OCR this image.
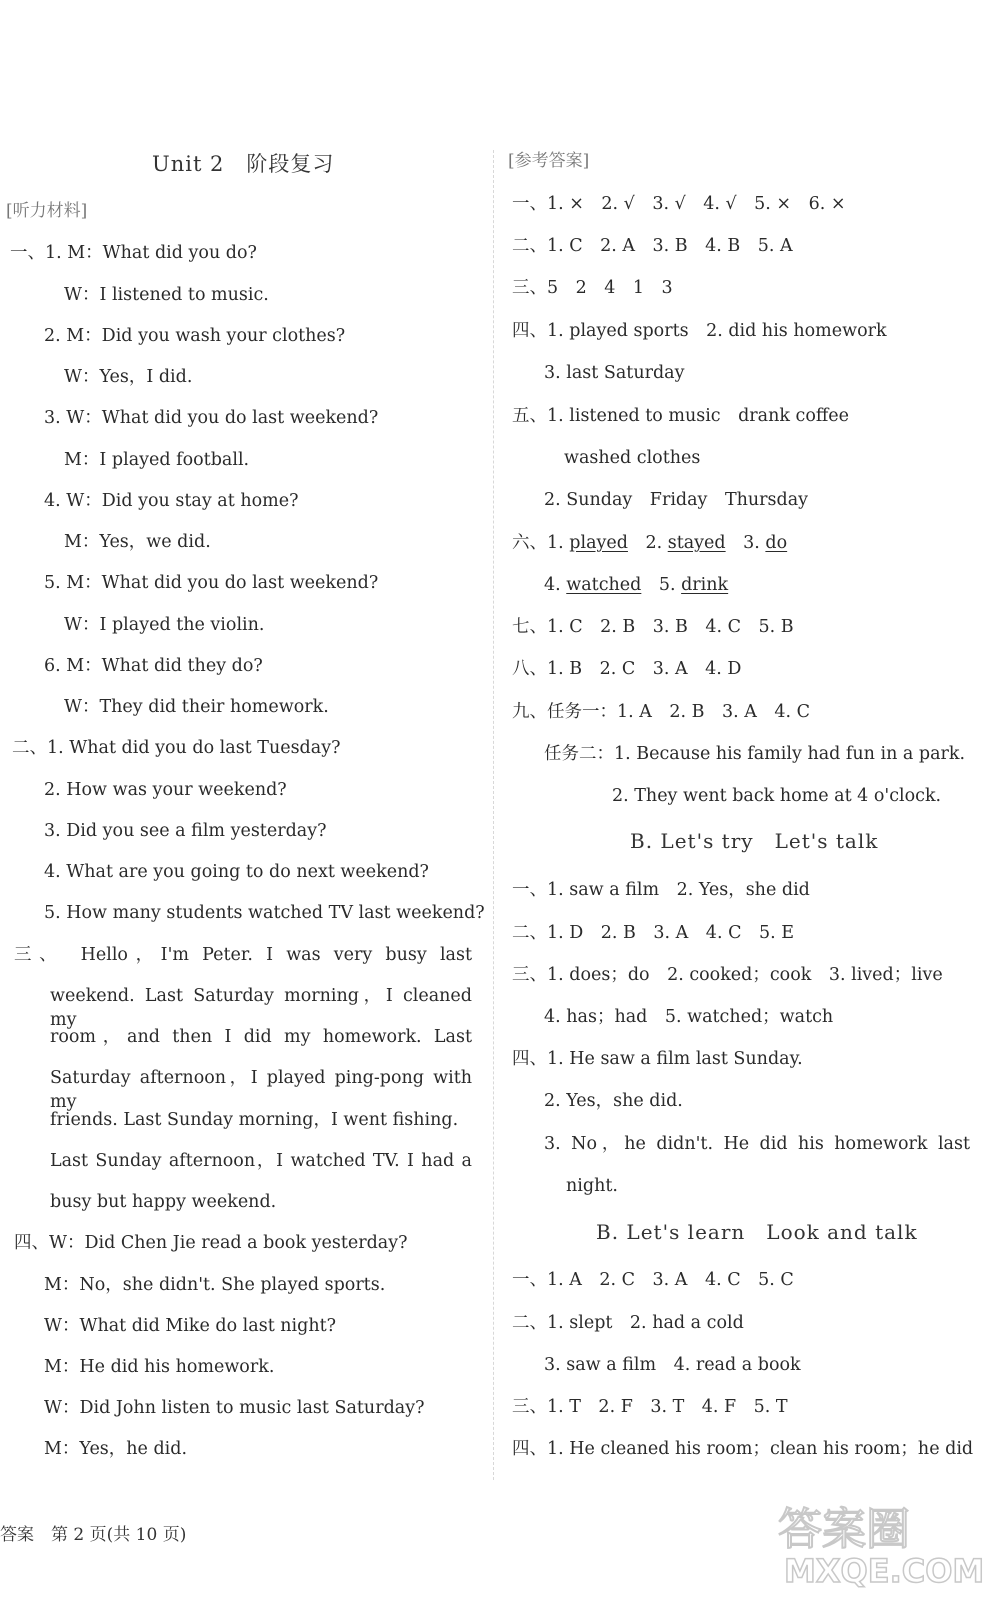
Unit 2　阶段复习
[听力材料]
一、1. M：What did you do?
W：I listened to music.
2. M：Did you wash your clothes?
W：Yes，I did.
3. W：What did you do last weekend?
M：I played football.
4. W：Did you stay at home?
M：Yes，we did.
5. M：What did you do last weekend?
W：I played the violin.
6. M：What did they do?
W：They did their homework.
二、1. What did you do last Tuesday?
2. How was your weekend?
3. Did you see a film yesterday?
4. What are you going to do next weekend?
5. How many students watched TV last weekend?
三、　Hello，I'm Peter. I was very busy last
weekend. Last Saturday morning，I cleaned my
room，and then I did my homework. Last
Saturday afternoon，I played ping-pong with my
friends. Last Sunday morning，I went fishing.
Last Sunday afternoon，I watched TV. I had a
busy but happy weekend.
四、W：Did Chen Jie read a book yesterday?
M：No，she didn't. She played sports.
W：What did Mike do last night?
M：He did his homework.
W：Did John listen to music last Saturday?
M：Yes，he did.
[参考答案]
一、1. ×　2. √　3. √　4. √　5. ×　6. ×
二、1. C　2. A　3. B　4. B　5. A
三、5　2　4　1　3
四、1. played sports　2. did his homework
3. last Saturday
五、1. listened to music　drank coffee
washed clothes
2. Sunday　Friday　Thursday
六、1. played　2. stayed　3. do
4. watched　5. drink
七、1. C　2. B　3. B　4. C　5. B
八、1. B　2. C　3. A　4. D
九、任务一：1. A　2. B　3. A　4. C
任务二：1. Because his family had fun in a park.
2. They went back home at 4 o'clock.
B. Let's try　Let's talk
一、1. saw a film　2. Yes，she did
二、1. D　2. B　3. A　4. C　5. E
三、1. does；do　2. cooked；cook　3. lived；live
4. has；had　5. watched；watch
四、1. He saw a film last Sunday.
2. Yes，she did.
3. No，he didn't. He did his homework last
night.
B. Let's learn　Look and talk
一、1. A　2. C　3. A　4. C　5. C
二、1. slept　2. had a cold
3. saw a film　4. read a book
三、1. T　2. F　3. T　4. F　5. T
四、1. He cleaned his room；clean his room；he did
答案　第 2 页(共 10 页)	答案圈
MXQE.COM
